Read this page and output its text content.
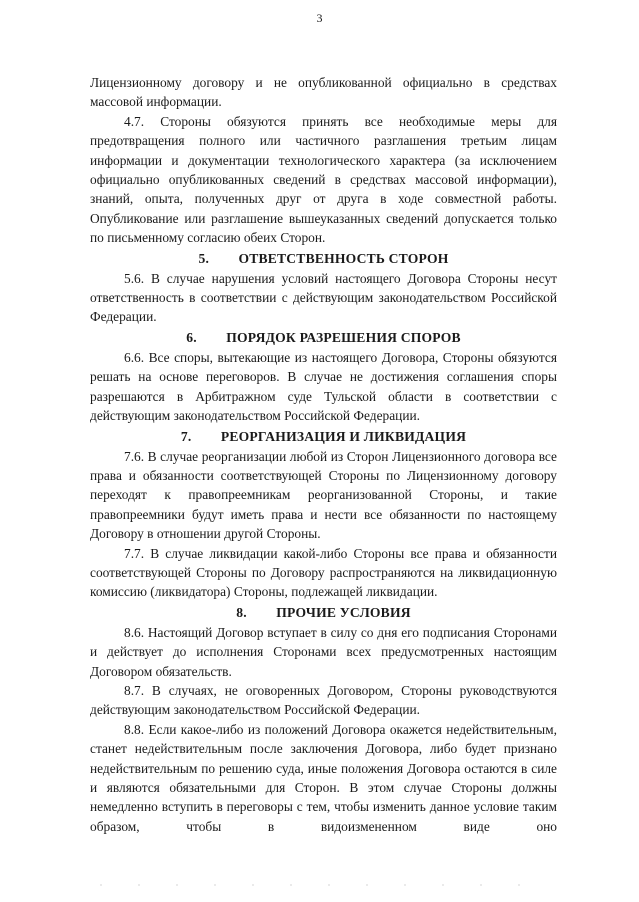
3

Лицензионному договору и не опубликованной официально в средствах массовой информации.

4.7. Стороны обязуются принять все необходимые меры для предотвращения полного или частичного разглашения третьим лицам информации и документации технологического характера (за исключением официально опубликованных сведений в средствах массовой информации), знаний, опыта, полученных друг от друга в ходе совместной работы. Опубликование или разглашение вышеуказанных сведений допускается только по письменному согласию обеих Сторон.

5. ОТВЕТСТВЕННОСТЬ СТОРОН

5.6. В случае нарушения условий настоящего Договора Стороны несут ответственность в соответствии с действующим законодательством Российской Федерации.

6. ПОРЯДОК РАЗРЕШЕНИЯ СПОРОВ

6.6. Все споры, вытекающие из настоящего Договора, Стороны обязуются решать на основе переговоров. В случае не достижения соглашения споры разрешаются в Арбитражном суде Тульской области в соответствии с действующим законодательством Российской Федерации.

7. РЕОРГАНИЗАЦИЯ И ЛИКВИДАЦИЯ

7.6. В случае реорганизации любой из Сторон Лицензионного договора все права и обязанности соответствующей Стороны по Лицензионному договору переходят к правопреемникам реорганизованной Стороны, и такие правопреемники будут иметь права и нести все обязанности по настоящему Договору в отношении другой Стороны.

7.7. В случае ликвидации какой-либо Стороны все права и обязанности соответствующей Стороны по Договору распространяются на ликвидационную комиссию (ликвидатора) Стороны, подлежащей ликвидации.

8. ПРОЧИЕ УСЛОВИЯ

8.6. Настоящий Договор вступает в силу со дня его подписания Сторонами и действует до исполнения Сторонами всех предусмотренных настоящим Договором обязательств.

8.7. В случаях, не оговоренных Договором, Стороны руководствуются действующим законодательством Российской Федерации.

8.8. Если какое-либо из положений Договора окажется недействительным, станет недействительным после заключения Договора, либо будет признано недействительным по решению суда, иные положения Договора остаются в силе и являются обязательными для Сторон. В этом случае Стороны должны немедленно вступить в переговоры с тем, чтобы изменить данное условие таким образом, чтобы в видоизмененном виде оно
